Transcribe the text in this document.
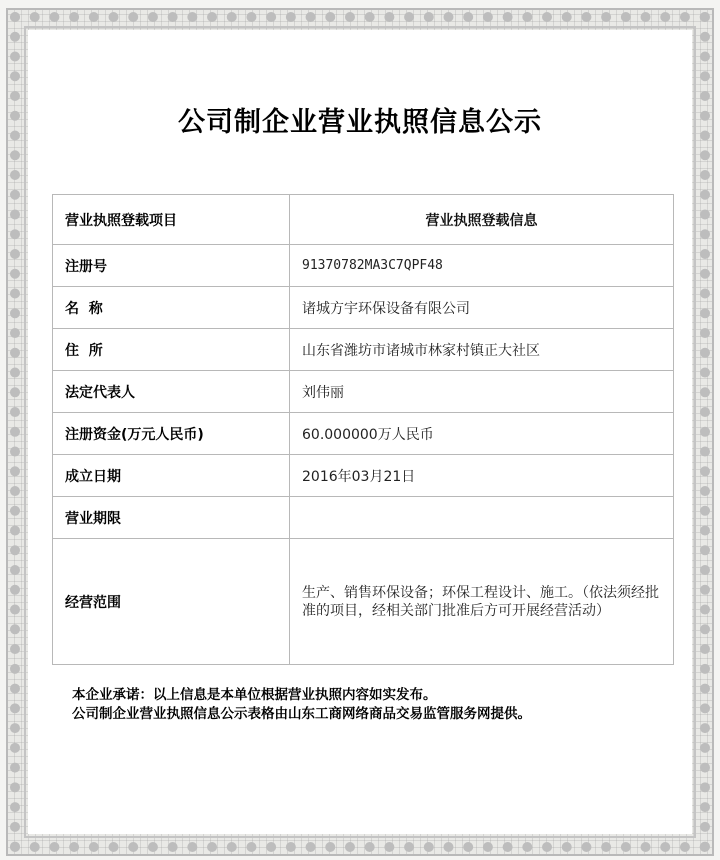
公司制企业营业执照信息公示
营业执照登载项目	营业执照登载信息
注册号	91370782MA3C7QPF48
名  称	诸城方宇环保设备有限公司
住  所	山东省潍坊市诸城市林家村镇正大社区
法定代表人	刘伟丽
注册资金(万元人民币)	60.000000万人民币
成立日期	2016年03月21日
营业期限	
经营范围	生产、销售环保设备；环保工程设计、施工。（依法须经批准的项目，经相关部门批准后方可开展经营活动）
本企业承诺：以上信息是本单位根据营业执照内容如实发布。
公司制企业营业执照信息公示表格由山东工商网络商品交易监管服务网提供。
